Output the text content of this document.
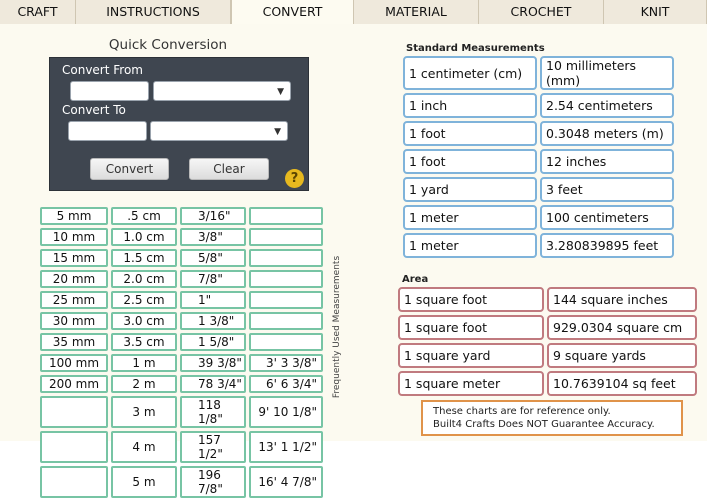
CRAFT	INSTRUCTIONS	CONVERT	MATERIAL	CROCHET	KNIT
Quick Conversion
Convert From
▼
Convert To
▼
Convert	Clear
?
5 mm	.5 cm	3/16"	
10 mm	1.0 cm	3/8"	
15 mm	1.5 cm	5/8"	
20 mm	2.0 cm	7/8"	
25 mm	2.5 cm	1"	
30 mm	3.0 cm	1 3/8"	
35 mm	3.5 cm	1 5/8"	
100 mm	1 m	39 3/8"	3' 3 3/8"
200 mm	2 m	78 3/4"	6' 6 3/4"
	3 m	118 1/8"	9' 10 1/8"
	4 m	157 1/2"	13' 1 1/2"
	5 m	196 7/8"	16' 4 7/8"
Frequently Used Measurements
Standard Measurements
1 centimeter (cm)	10 millimeters (mm)
1 inch	2.54 centimeters
1 foot	0.3048 meters (m)
1 foot	12 inches
1 yard	3 feet
1 meter	100 centimeters
1 meter	3.280839895 feet
Area
1 square foot	144 square inches
1 square foot	929.0304 square cm
1 square yard	9 square yards
1 square meter	10.7639104 sq feet
These charts are for reference only.
Built4 Crafts Does NOT Guarantee Accuracy.
